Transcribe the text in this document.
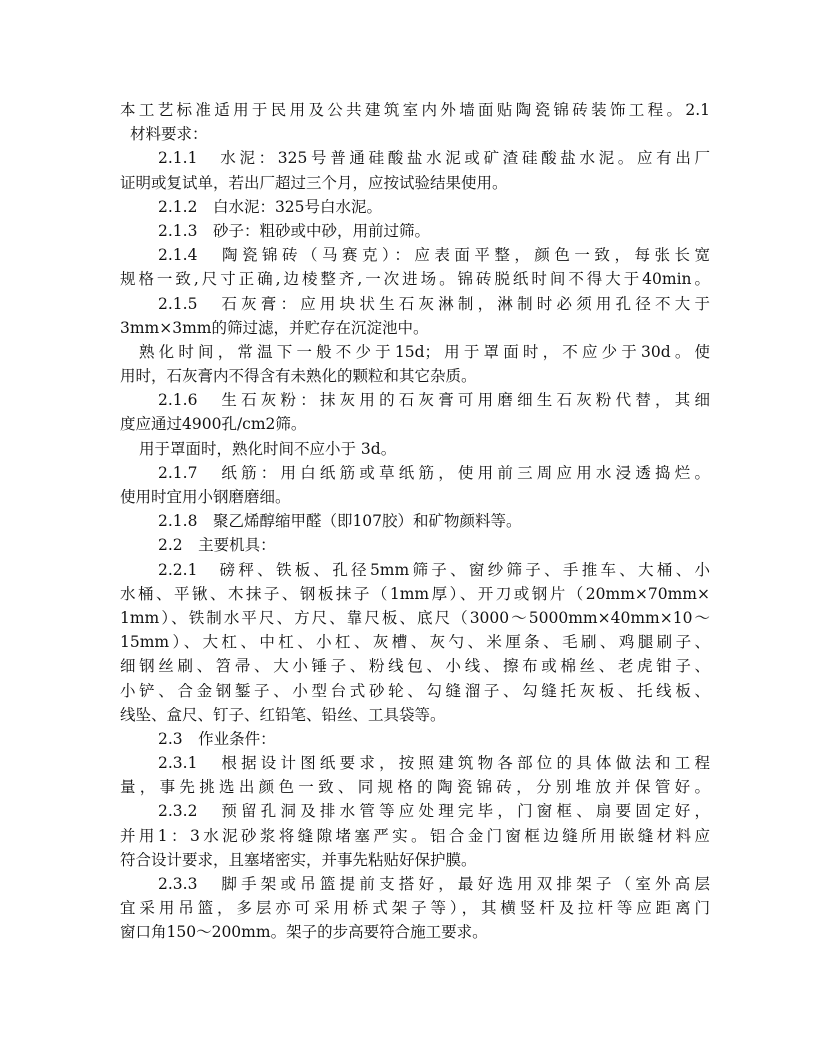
本工艺标准适用于民用及公共建筑室内外墙面贴陶瓷锦砖装饰工程。2.1
材料要求：
2.1.1　水泥：325号普通硅酸盐水泥或矿渣硅酸盐水泥。应有出厂
证明或复试单，若出厂超过三个月，应按试验结果使用。
2.1.2　白水泥：325号白水泥。
2.1.3　砂子：粗砂或中砂，用前过筛。
2.1.4　陶瓷锦砖（马赛克）：应表面平整，颜色一致，每张长宽
规格一致,尺寸正确,边棱整齐,一次进场。锦砖脱纸时间不得大于40min。
2.1.5　石灰膏：应用块状生石灰淋制，淋制时必须用孔径不大于
3mm×3mm的筛过滤，并贮存在沉淀池中。
熟化时间，常温下一般不少于15d；用于罩面时，不应少于30d。使
用时，石灰膏内不得含有未熟化的颗粒和其它杂质。
2.1.6　生石灰粉：抹灰用的石灰膏可用磨细生石灰粉代替，其细
度应通过4900孔/cm2筛。
用于罩面时，熟化时间不应小于 3d。
2.1.7　纸筋：用白纸筋或草纸筋，使用前三周应用水浸透捣烂。
使用时宜用小钢磨磨细。
2.1.8　聚乙烯醇缩甲醛（即107胶）和矿物颜料等。
2.2　主要机具：
2.2.1　磅秤、铁板、孔径5mm筛子、窗纱筛子、手推车、大桶、小
水桶、平锹、木抹子、钢板抹子（1mm厚）、开刀或钢片（20mm×70mm×
1mm）、铁制水平尺、方尺、靠尺板、底尺（3000～5000mm×40mm×10～
15mm）、大杠、中杠、小杠、灰槽、灰勺、米厘条、毛刷、鸡腿刷子、
细钢丝刷、笤帚、大小锤子、粉线包、小线、擦布或棉丝、老虎钳子、
小铲、合金钢錾子、小型台式砂轮、勾缝溜子、勾缝托灰板、托线板、
线坠、盒尺、钉子、红铅笔、铅丝、工具袋等。
2.3　作业条件：
2.3.1　根据设计图纸要求，按照建筑物各部位的具体做法和工程
量，事先挑选出颜色一致、同规格的陶瓷锦砖，分别堆放并保管好。
2.3.2　预留孔洞及排水管等应处理完毕，门窗框、扇要固定好，
并用1：3水泥砂浆将缝隙堵塞严实。铝合金门窗框边缝所用嵌缝材料应
符合设计要求，且塞堵密实，并事先粘贴好保护膜。
2.3.3　脚手架或吊篮提前支搭好，最好选用双排架子（室外高层
宜采用吊篮，多层亦可采用桥式架子等），其横竖杆及拉杆等应距离门
窗口角150～200mm。架子的步高要符合施工要求。
